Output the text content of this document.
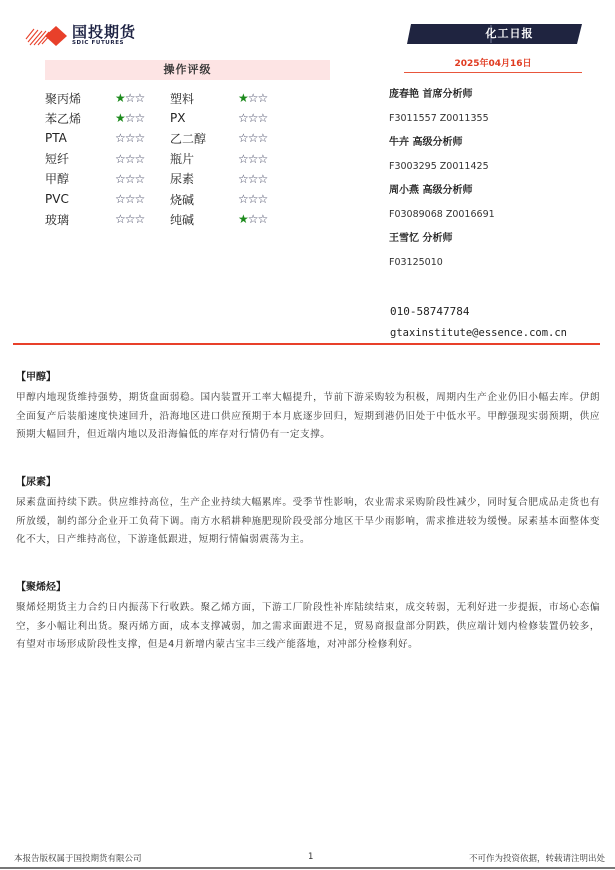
国投期货
SDIC FUTURES
化工日报
2025年04月16日
操作评级
聚丙烯	★☆☆	塑料	★☆☆
苯乙烯	★☆☆	PX	☆☆☆
PTA	☆☆☆	乙二醇	☆☆☆
短纤	☆☆☆	瓶片	☆☆☆
甲醇	☆☆☆	尿素	☆☆☆
PVC	☆☆☆	烧碱	☆☆☆
玻璃	☆☆☆	纯碱	★☆☆
庞春艳 首席分析师
F3011557 Z0011355
牛卉 高级分析师
F3003295 Z0011425
周小燕 高级分析师
F03089068 Z0016691
王雪忆 分析师
F03125010
010-58747784
gtaxinstitute@essence.com.cn
【甲醇】
甲醇内地现货维持强势，期货盘面弱稳。国内装置开工率大幅提升，节前下游采购较为积极，周期内生产企业仍旧小幅去库。伊朗全面复产后装船速度快速回升，沿海地区进口供应预期于本月底逐步回归，短期到港仍旧处于中低水平。甲醇强现实弱预期，供应预期大幅回升，但近端内地以及沿海偏低的库存对行情仍有一定支撑。
【尿素】
尿素盘面持续下跌。供应维持高位，生产企业持续大幅累库。受季节性影响，农业需求采购阶段性减少，同时复合肥成品走货也有所放缓，制约部分企业开工负荷下调。南方水稻耕种施肥现阶段受部分地区干旱少雨影响，需求推进较为缓慢。尿素基本面整体变化不大，日产维持高位，下游逢低跟进，短期行情偏弱震荡为主。
【聚烯烃】
聚烯烃期货主力合约日内振荡下行收跌。聚乙烯方面，下游工厂阶段性补库陆续结束，成交转弱，无利好进一步提振，市场心态偏空，多小幅让利出货。聚丙烯方面，成本支撑减弱，加之需求面跟进不足，贸易商报盘部分阴跌，供应端计划内检修装置仍较多，有望对市场形成阶段性支撑，但是4月新增内蒙古宝丰三线产能落地，对冲部分检修利好。
本报告版权属于国投期货有限公司	1	不可作为投资依据，转载请注明出处
